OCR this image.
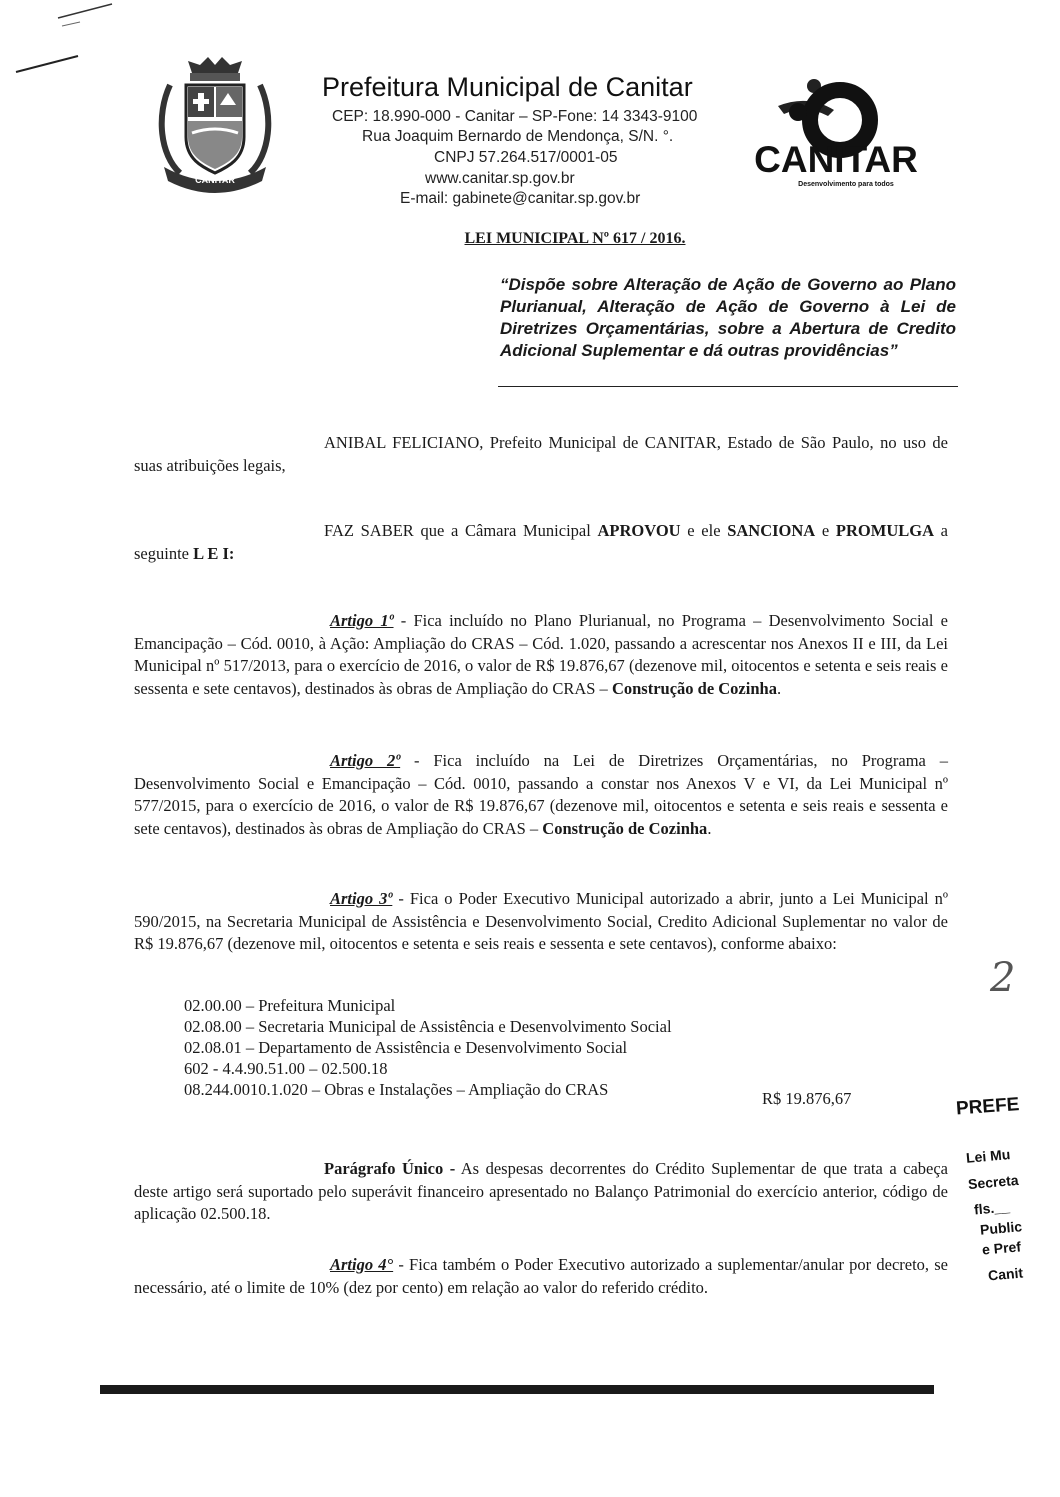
CANITAR
Prefeitura Municipal de Canitar
CEP: 18.990-000 - Canitar – SP-Fone: 14 3343-9100
Rua Joaquim Bernardo de Mendonça, S/N. °.
CNPJ 57.264.517/0001-05
www.canitar.sp.gov.br
E-mail: gabinete@canitar.sp.gov.br
CANITAR
Desenvolvimento para todos
LEI MUNICIPAL Nº 617 / 2016.
“Dispõe sobre Alteração de Ação de Governo ao Plano Plurianual, Alteração de Ação de Governo à Lei de Diretrizes Orçamentárias, sobre a Abertura de Credito Adicional Suplementar e dá outras providências”
ANIBAL FELICIANO, Prefeito Municipal de CANITAR, Estado de São Paulo, no uso de suas atribuições legais,
FAZ SABER que a Câmara Municipal APROVOU e ele SANCIONA e PROMULGA a seguinte L E I:
Artigo 1º - Fica incluído no Plano Plurianual, no Programa – Desenvolvimento Social e Emancipação – Cód. 0010, à Ação: Ampliação do CRAS – Cód. 1.020, passando a acrescentar nos Anexos II e III, da Lei Municipal nº 517/2013, para o exercício de 2016, o valor de R$ 19.876,67 (dezenove mil, oitocentos e setenta e seis reais e sessenta e sete centavos), destinados às obras de Ampliação do CRAS – Construção de Cozinha.
Artigo 2º - Fica incluído na Lei de Diretrizes Orçamentárias, no Programa – Desenvolvimento Social e Emancipação – Cód. 0010, passando a constar nos Anexos V e VI, da Lei Municipal nº 577/2015, para o exercício de 2016, o valor de R$ 19.876,67 (dezenove mil, oitocentos e setenta e seis reais e sessenta e sete centavos), destinados às obras de Ampliação do CRAS – Construção de Cozinha.
Artigo 3º - Fica o Poder Executivo Municipal autorizado a abrir, junto a Lei Municipal nº 590/2015, na Secretaria Municipal de Assistência e Desenvolvimento Social, Credito Adicional Suplementar no valor de R$ 19.876,67 (dezenove mil, oitocentos e setenta e seis reais e sessenta e sete centavos), conforme abaixo:
02.00.00 – Prefeitura Municipal
02.08.00 – Secretaria Municipal de Assistência e Desenvolvimento Social
02.08.01 – Departamento de Assistência e Desenvolvimento Social
602 - 4.4.90.51.00 – 02.500.18
08.244.0010.1.020 – Obras e Instalações – Ampliação do CRAS	R$ 19.876,67
Parágrafo Único - As despesas decorrentes do Crédito Suplementar de que trata a cabeça deste artigo será suportado pelo superávit financeiro apresentado no Balanço Patrimonial do exercício anterior, código de aplicação 02.500.18.
Artigo 4° - Fica também o Poder Executivo autorizado a suplementar/anular por decreto, se necessário, até o limite de 10% (dez por cento) em relação ao valor do referido crédito.
2
PREFE
Lei Mu
Secreta
fls.__
Public
e Pref
Canit
